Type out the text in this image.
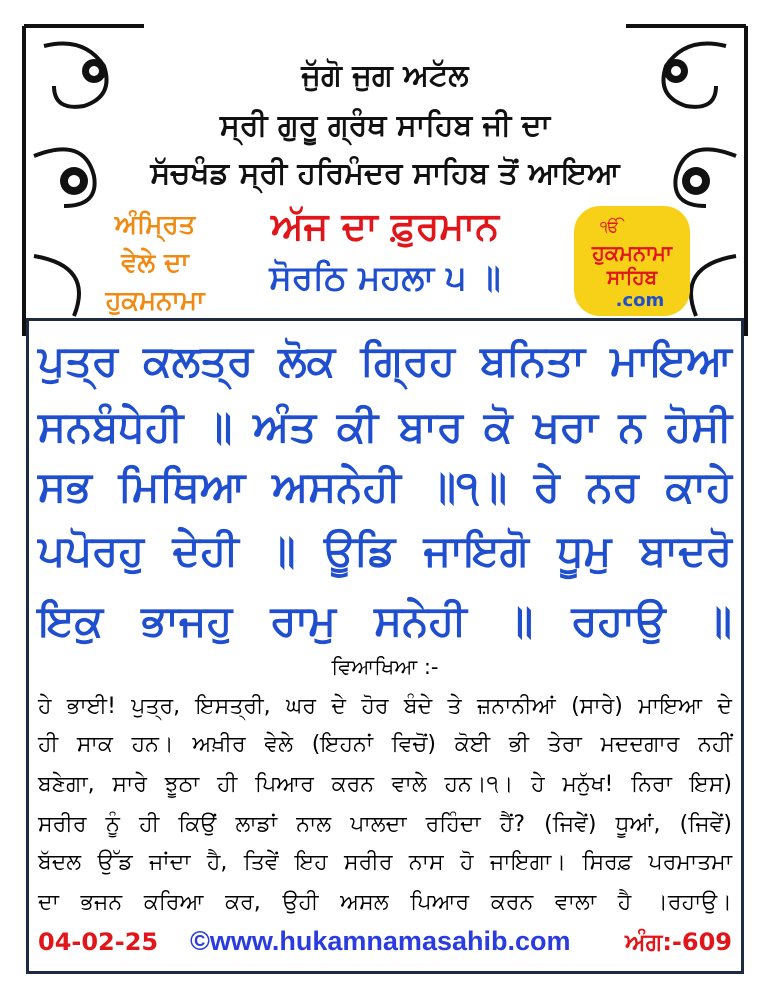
ਜੁੱਗੋ ਜੁਗ ਅਟੱਲ
ਸ੍ਰੀ ਗੁਰੂ ਗ੍ਰੰਥ ਸਾਹਿਬ ਜੀ ਦਾ
ਸੱਚਖੰਡ ਸ੍ਰੀ ਹਰਿਮੰਦਰ ਸਾਹਿਬ ਤੋਂ ਆਇਆ
ਅੰਮ੍ਰਿਤ
ਵੇਲੇ ਦਾ
ਹੁਕਮਨਾਮਾ
ਅੱਜ ਦਾ ਫ਼ੁਰਮਾਨ
ਸੋਰਠਿ ਮਹਲਾ ੫ ॥
ੴ
ਹੁਕਮਨਾਮਾ
ਸਾਹਿਬ
.com
ਪੁਤ੍ਰ ਕਲਤ੍ਰ ਲੋਕ ਗ੍ਰਿਹ ਬਨਿਤਾ ਮਾਇਆ
ਸਨਬੰਧੇਹੀ ॥ ਅੰਤ ਕੀ ਬਾਰ ਕੋ ਖਰਾ ਨ ਹੋਸੀ
ਸਭ ਮਿਥਿਆ ਅਸਨੇਹੀ ॥੧॥ ਰੇ ਨਰ ਕਾਹੇ
ਪਪੋਰਹੁ ਦੇਹੀ ॥ ਊਡਿ ਜਾਇਗੋ ਧੂਮੁ ਬਾਦਰੋ
ਇਕੁ ਭਾਜਹੁ ਰਾਮੁ ਸਨੇਹੀ ॥ ਰਹਾਉ ॥
ਵਿਆਖਿਆ :-
ਹੇ ਭਾਈ! ਪੁਤ੍ਰ, ਇਸਤ੍ਰੀ, ਘਰ ਦੇ ਹੋਰ ਬੰਦੇ ਤੇ ਜ਼ਨਾਨੀਆਂ (ਸਾਰੇ) ਮਾਇਆ ਦੇ
ਹੀ ਸਾਕ ਹਨ। ਅਖ਼ੀਰ ਵੇਲੇ (ਇਹਨਾਂ ਵਿਚੋਂ) ਕੋਈ ਭੀ ਤੇਰਾ ਮਦਦਗਾਰ ਨਹੀਂ
ਬਣੇਗਾ, ਸਾਰੇ ਝੂਠਾ ਹੀ ਪਿਆਰ ਕਰਨ ਵਾਲੇ ਹਨ।੧। ਹੇ ਮਨੁੱਖ! ਨਿਰਾ ਇਸ)
ਸਰੀਰ ਨੂੰ ਹੀ ਕਿਉਂ ਲਾਡਾਂ ਨਾਲ ਪਾਲਦਾ ਰਹਿੰਦਾ ਹੈਂ? (ਜਿਵੇਂ) ਧੂਆਂ, (ਜਿਵੇਂ)
ਬੱਦਲ ਉੱਡ ਜਾਂਦਾ ਹੈ, ਤਿਵੇਂ ਇਹ ਸਰੀਰ ਨਾਸ ਹੋ ਜਾਇਗਾ। ਸਿਰਫ਼ ਪਰਮਾਤਮਾ
ਦਾ ਭਜਨ ਕਰਿਆ ਕਰ, ਉਹੀ ਅਸਲ ਪਿਆਰ ਕਰਨ ਵਾਲਾ ਹੈ ।ਰਹਾਉ।
04-02-25 ©www.hukamnamasahib.com ਅੰਗ:-609
